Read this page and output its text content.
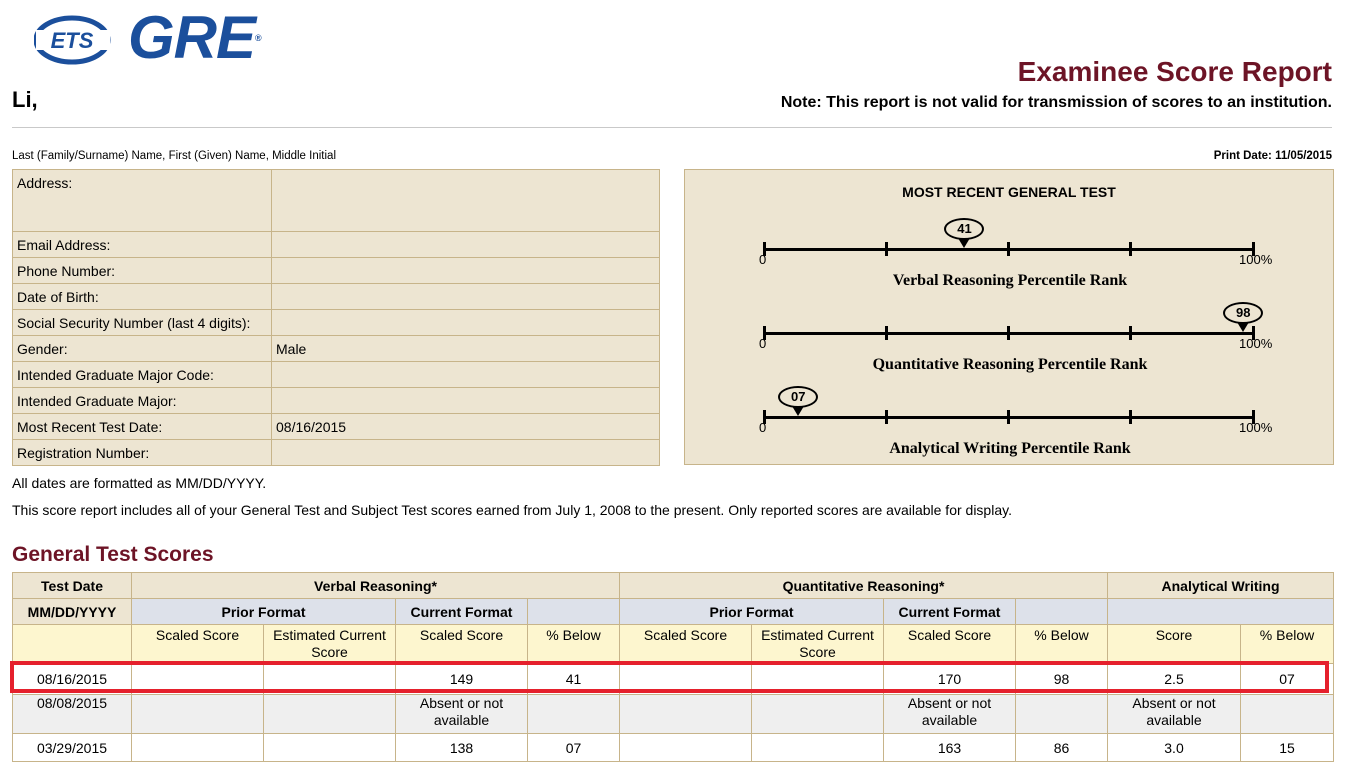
ETS GRE®
Li,
Examinee Score Report
Note: This report is not valid for transmission of scores to an institution.
Last (Family/Surname) Name, First (Given) Name, Middle Initial	Print Date: 11/05/2015
Address:	
Email Address:	
Phone Number:	
Date of Birth:	
Social Security Number (last 4 digits):	
Gender:	Male
Intended Graduate Major Code:	
Intended Graduate Major:	
Most Recent Test Date:	08/16/2015
Registration Number:	
MOST RECENT GENERAL TEST
0	100%
41
Verbal Reasoning Percentile Rank
0	100%
98
Quantitative Reasoning Percentile Rank
0	100%
07
Analytical Writing Percentile Rank
All dates are formatted as MM/DD/YYYY.
This score report includes all of your General Test and Subject Test scores earned from July 1, 2008 to the present. Only reported scores are available for display.
General Test Scores
Test Date	Verbal Reasoning*				Quantitative Reasoning*				Analytical Writing	
MM/DD/YYYY	Prior Format		Current Format		Prior Format		Current Format			
	Scaled Score	Estimated Current Score	Scaled Score	% Below	Scaled Score	Estimated Current Score	Scaled Score	% Below	Score	% Below
08/16/2015			149	41			170	98	2.5	07
08/08/2015			Absent or not available				Absent or not available		Absent or not available	
03/29/2015			138	07			163	86	3.0	15
